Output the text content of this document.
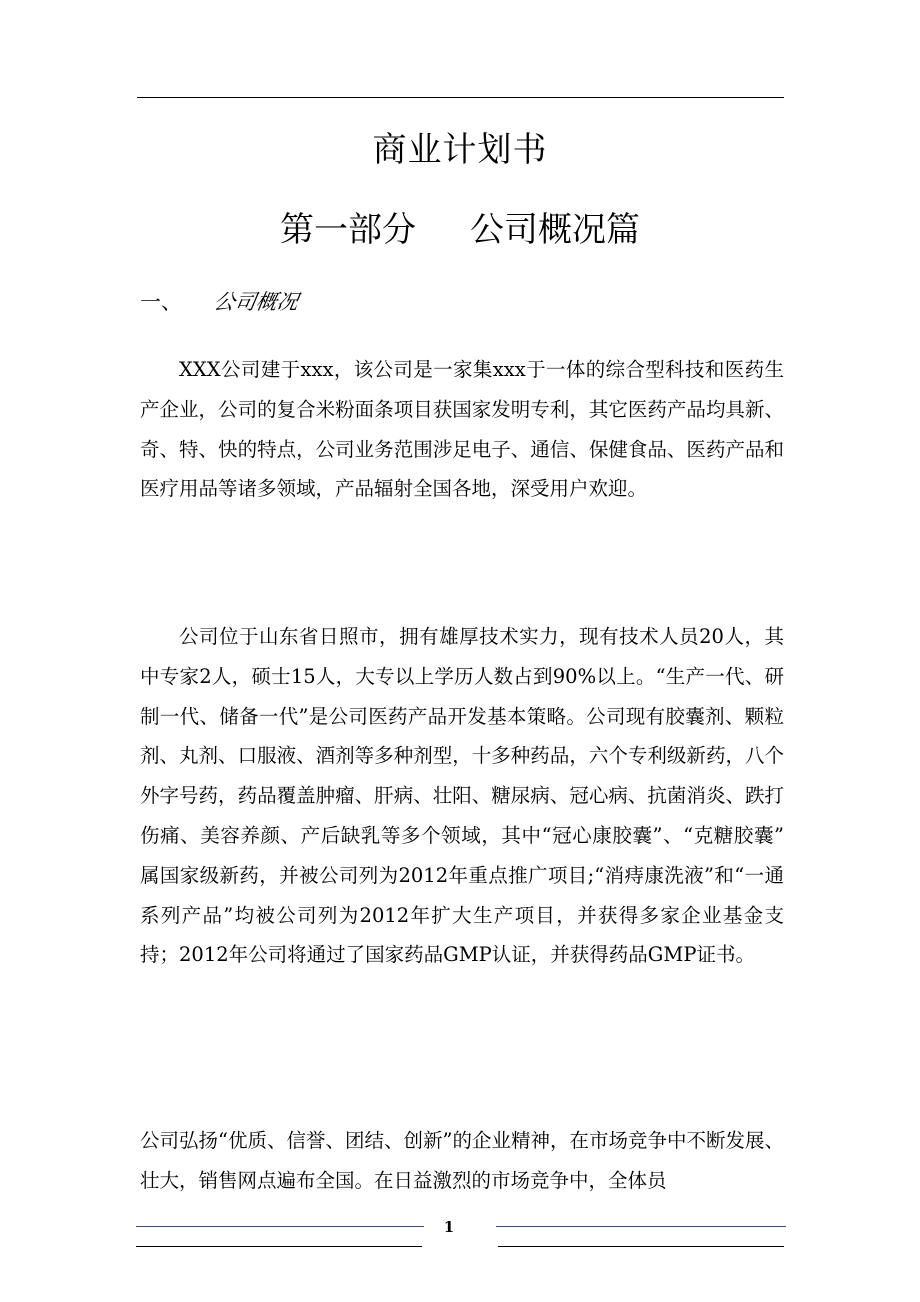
商业计划书
第一部分     公司概况篇
一、 公司概况

XXX公司建于xxx，该公司是一家集xxx于一体的综合型科技和医药生产企业，公司的复合米粉面条项目获国家发明专利，其它医药产品均具新、奇、特、快的特点，公司业务范围涉足电子、通信、保健食品、医药产品和医疗用品等诸多领域，产品辐射全国各地，深受用户欢迎。

公司位于山东省日照市，拥有雄厚技术实力，现有技术人员20人，其中专家2人，硕士15人，大专以上学历人数占到90%以上。“生产一代、研制一代、储备一代”是公司医药产品开发基本策略。公司现有胶囊剂、颗粒剂、丸剂、口服液、酒剂等多种剂型，十多种药品，六个专利级新药，八个外字号药，药品覆盖肿瘤、肝病、壮阳、糖尿病、冠心病、抗菌消炎、跌打伤痛、美容养颜、产后缺乳等多个领域，其中“冠心康胶囊”、“克糖胶囊” 属国家级新药，并被公司列为2012年重点推广项目;“消痔康洗液”和“一通系列产品”均被公司列为2012年扩大生产项目，并获得多家企业基金支持；2012年公司将通过了国家药品GMP认证，并获得药品GMP证书。

公司弘扬“优质、信誉、团结、创新”的企业精神，在市场竞争中不断发展、壮大，销售网点遍布全国。在日益激烈的市场竞争中，全体员

1
